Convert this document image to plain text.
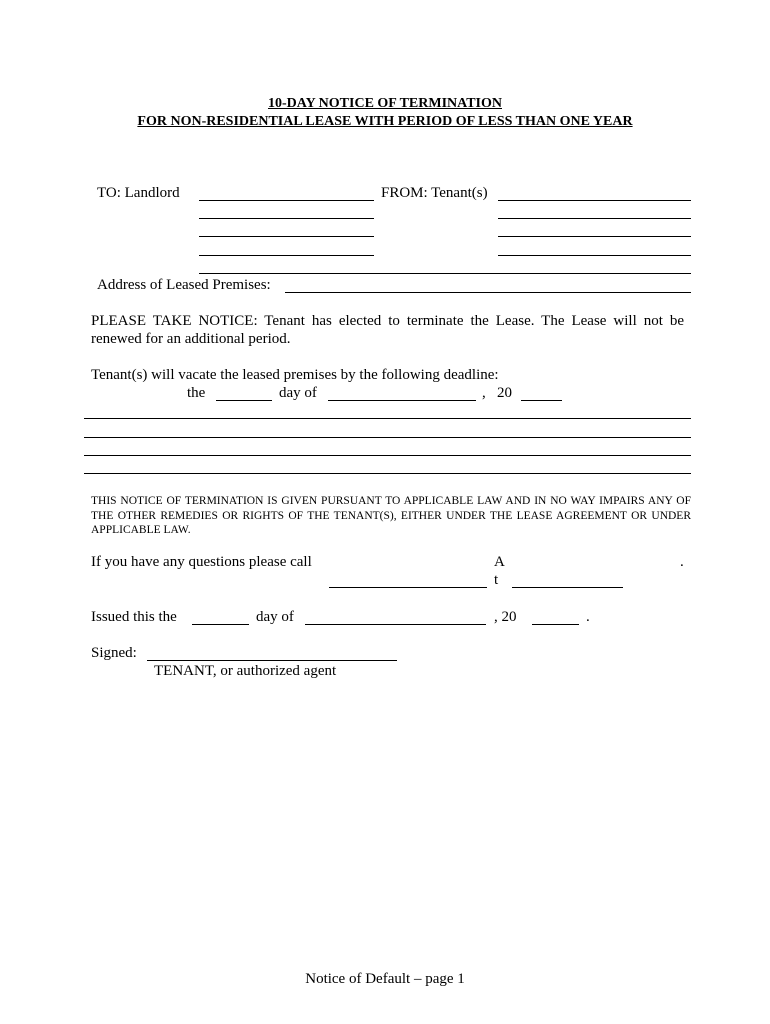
10-DAY NOTICE OF TERMINATION
FOR NON-RESIDENTIAL LEASE WITH PERIOD OF LESS THAN ONE YEAR
TO: Landlord	FROM: Tenant(s)
Address of Leased Premises:
PLEASE TAKE NOTICE: Tenant has elected to terminate the Lease. The Lease will not be renewed for an additional period.
Tenant(s) will vacate the leased premises by the following deadline:
the	day of	, 20
THIS NOTICE OF TERMINATION IS GIVEN PURSUANT TO APPLICABLE LAW AND IN NO WAY IMPAIRS ANY OF THE OTHER REMEDIES OR RIGHTS OF THE TENANT(S), EITHER UNDER THE LEASE AGREEMENT OR UNDER APPLICABLE LAW.
If you have any questions please call	A	.
t
Issued this the	day of	, 20	.
Signed:
TENANT, or authorized agent
Notice of Default – page 1
